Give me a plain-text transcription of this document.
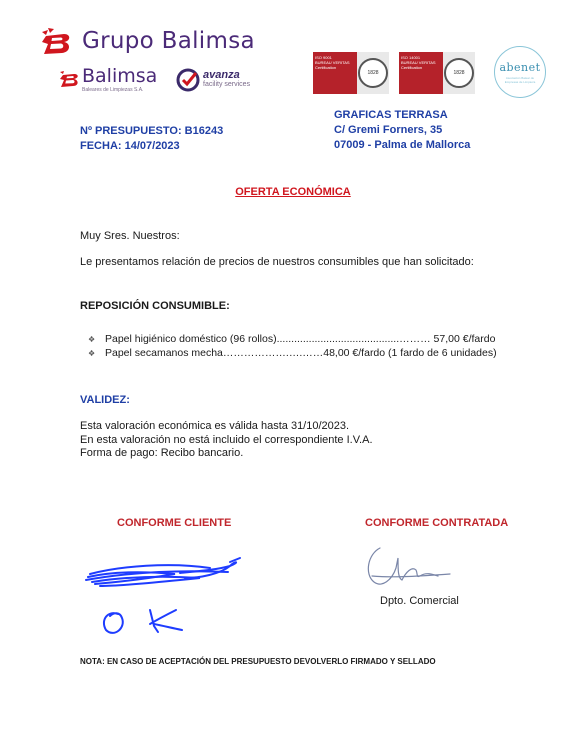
Grupo Balimsa
Balimsa
Baleares de Limpiezas S.A.
avanza
facility services
ISO 9001
BUREAU VERITAS
Certification
1828
ISO 14001
BUREAU VERITAS
Certification
1828	abenet
Asociación Balear de Empresas de Limpieza
Nº PRESUPUESTO: B16243
FECHA: 14/07/2023
GRAFICAS TERRASA
C/ Gremi Forners, 35
07009 - Palma de Mallorca
OFERTA ECONÓMICA
Muy Sres. Nuestros:
Le presentamos relación de precios de nuestros consumibles que han solicitado:
REPOSICIÓN CONSUMIBLE:
❖ Papel higiénico doméstico (96 rollos)..........................................……… 57,00 €/fardo
❖ Papel secamanos mecha……………….….……48,00 €/fardo (1 fardo de 6 unidades)
VALIDEZ:
Esta valoración económica es válida hasta 31/10/2023.
En esta valoración no está incluido el correspondiente I.V.A.
Forma de pago: Recibo bancario.
CONFORME CLIENTE	CONFORME CONTRATADA
Dpto. Comercial
NOTA: EN CASO DE ACEPTACIÓN DEL PRESUPUESTO DEVOLVERLO FIRMADO Y SELLADO
